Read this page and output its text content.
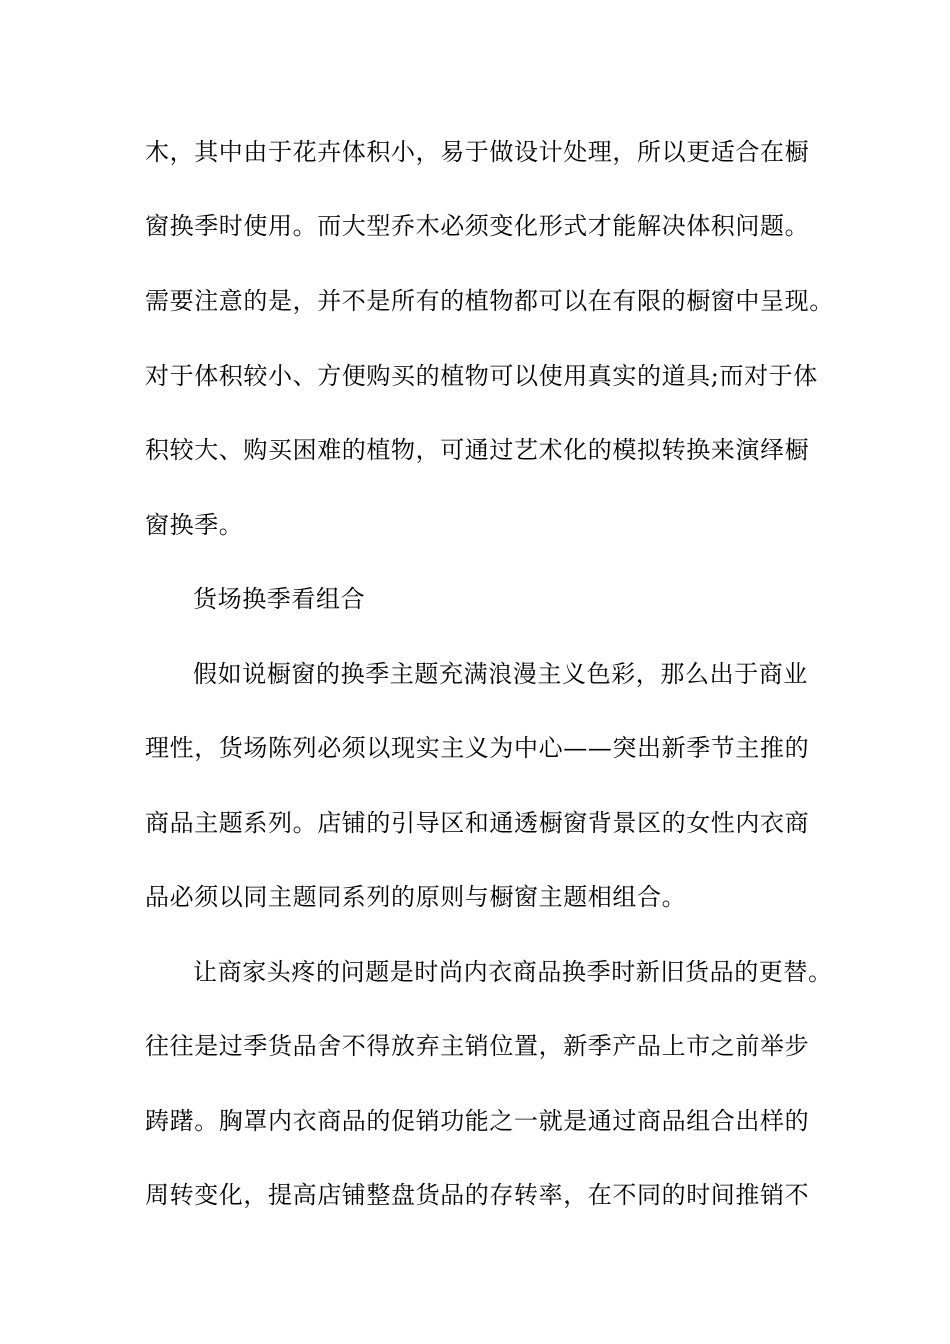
木，其中由于花卉体积小，易于做设计处理，所以更适合在橱

窗换季时使用。而大型乔木必须变化形式才能解决体积问题。

需要注意的是，并不是所有的植物都可以在有限的橱窗中呈现。

对于体积较小、方便购买的植物可以使用真实的道具;而对于体

积较大、购买困难的植物，可通过艺术化的模拟转换来演绎橱

窗换季。

货场换季看组合

假如说橱窗的换季主题充满浪漫主义色彩，那么出于商业

理性，货场陈列必须以现实主义为中心——突出新季节主推的

商品主题系列。店铺的引导区和通透橱窗背景区的女性内衣商

品必须以同主题同系列的原则与橱窗主题相组合。

让商家头疼的问题是时尚内衣商品换季时新旧货品的更替。

往往是过季货品舍不得放弃主销位置，新季产品上市之前举步

踌躇。胸罩内衣商品的促销功能之一就是通过商品组合出样的

周转变化，提高店铺整盘货品的存转率，在不同的时间推销不
